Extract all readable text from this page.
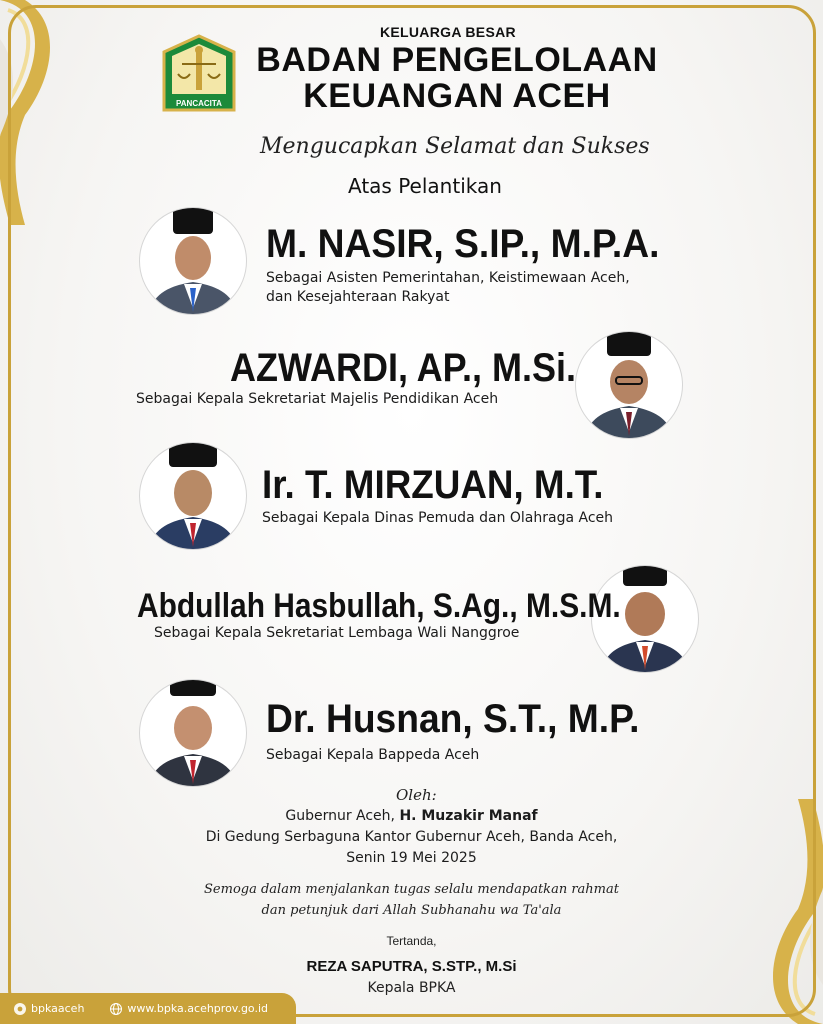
PANCACITA
KELUARGA BESAR
BADAN PENGELOLAAN
KEUANGAN ACEH
Mengucapkan Selamat dan Sukses
Atas Pelantikan
M. NASIR, S.IP., M.P.A.
Sebagai Asisten Pemerintahan, Keistimewaan Aceh,
dan Kesejahteraan Rakyat
AZWARDI, AP., M.Si.
Sebagai Kepala Sekretariat Majelis Pendidikan Aceh
Ir. T. MIRZUAN, M.T.
Sebagai Kepala Dinas Pemuda dan Olahraga Aceh
Abdullah Hasbullah, S.Ag., M.S.M.
Sebagai Kepala Sekretariat Lembaga Wali Nanggroe
Dr. Husnan, S.T., M.P.
Sebagai Kepala Bappeda Aceh
Oleh:
Gubernur Aceh, H. Muzakir Manaf
Di Gedung Serbaguna Kantor Gubernur Aceh, Banda Aceh,
Senin 19 Mei 2025
Semoga dalam menjalankan tugas selalu mendapatkan rahmat
dan petunjuk dari Allah Subhanahu wa Ta'ala
Tertanda,
REZA SAPUTRA, S.STP., M.Si
Kepala BPKA
bpkaaceh	www.bpka.acehprov.go.id
